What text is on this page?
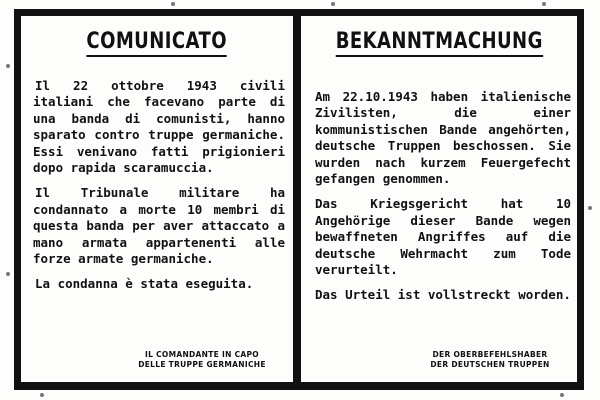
COMUNICATO

Il 22 ottobre 1943 civili italiani che facevano parte di una banda di comunisti, hanno sparato contro truppe germaniche. Essi venivano fatti prigionieri dopo rapida scaramuccia.

Il Tribunale militare ha condannato a morte 10 membri di questa banda per aver attaccato a mano armata appartenenti alle forze armate germaniche.

La condanna è stata eseguita.

IL COMANDANTE IN CAPO
DELLE TRUPPE GERMANICHE
BEKANNTMACHUNG

Am 22.10.1943 haben italienische Zivilisten, die einer kommunistischen Bande angehörten, deutsche Truppen beschossen. Sie wurden nach kurzem Feuergefecht gefangen genommen.

Das Kriegsgericht hat 10 Angehörige dieser Bande wegen bewaffneten Angriffes auf die deutsche Wehrmacht zum Tode verurteilt.

Das Urteil ist vollstreckt worden.

DER OBERBEFEHLSHABER
DER DEUTSCHEN TRUPPEN
